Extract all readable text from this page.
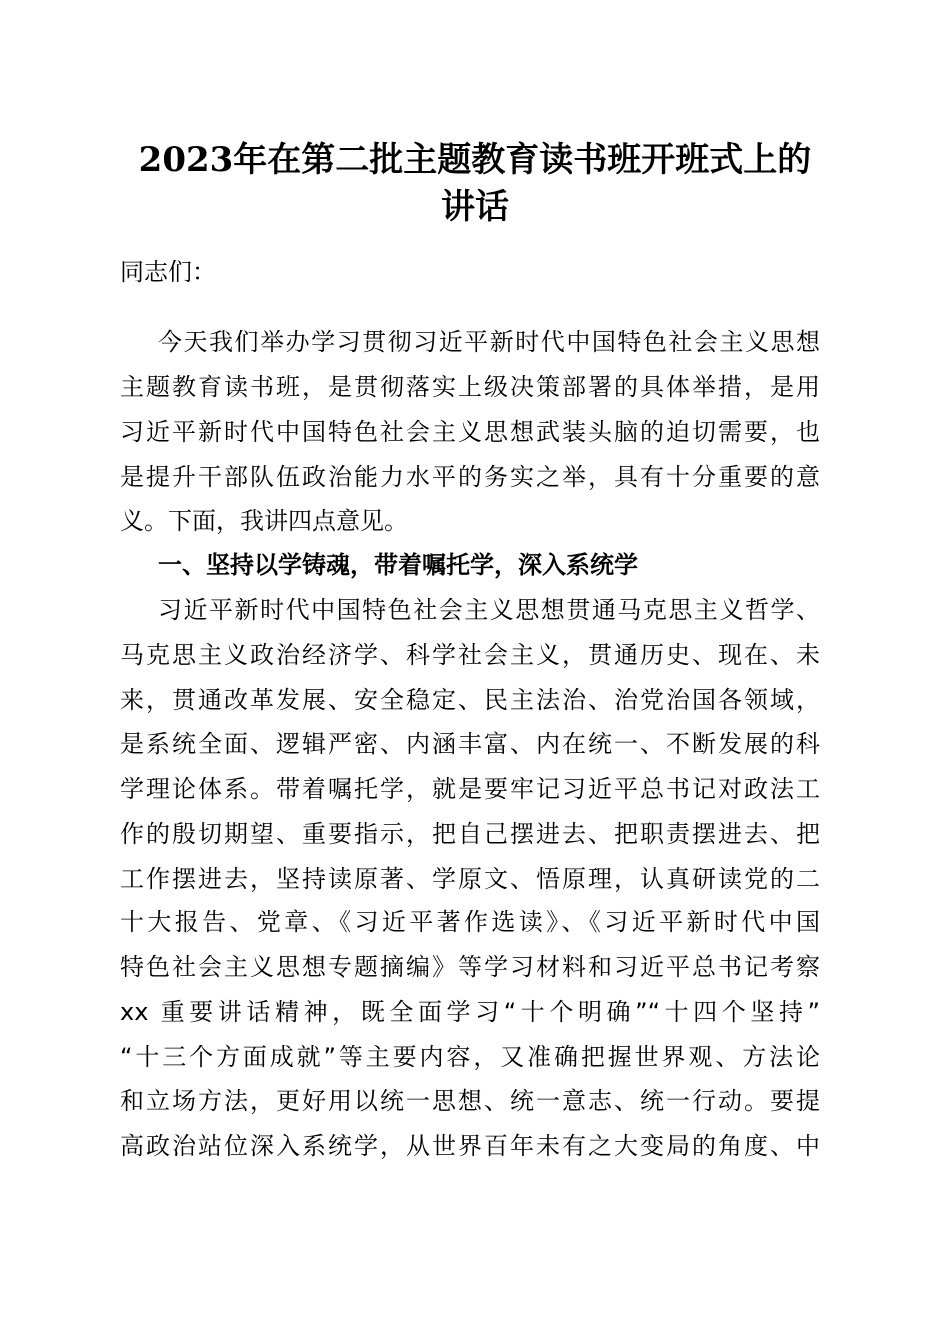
2023年在第二批主题教育读书班开班式上的
讲话
同志们：
今天我们举办学习贯彻习近平新时代中国特色社会主义思想
主题教育读书班，是贯彻落实上级决策部署的具体举措，是用
习近平新时代中国特色社会主义思想武装头脑的迫切需要，也
是提升干部队伍政治能力水平的务实之举，具有十分重要的意
义。下面，我讲四点意见。
一、坚持以学铸魂，带着嘱托学，深入系统学
习近平新时代中国特色社会主义思想贯通马克思主义哲学、
马克思主义政治经济学、科学社会主义，贯通历史、现在、未
来，贯通改革发展、安全稳定、民主法治、治党治国各领域，
是系统全面、逻辑严密、内涵丰富、内在统一、不断发展的科
学理论体系。带着嘱托学，就是要牢记习近平总书记对政法工
作的殷切期望、重要指示，把自己摆进去、把职责摆进去、把
工作摆进去，坚持读原著、学原文、悟原理，认真研读党的二
十大报告、党章、《习近平著作选读》、《习近平新时代中国
特色社会主义思想专题摘编》等学习材料和习近平总书记考察
xx 重要讲话精神，既全面学习“十个明确”“十四个坚持”
“十三个方面成就”等主要内容，又准确把握世界观、方法论
和立场方法，更好用以统一思想、统一意志、统一行动。要提
高政治站位深入系统学，从世界百年未有之大变局的角度、中
